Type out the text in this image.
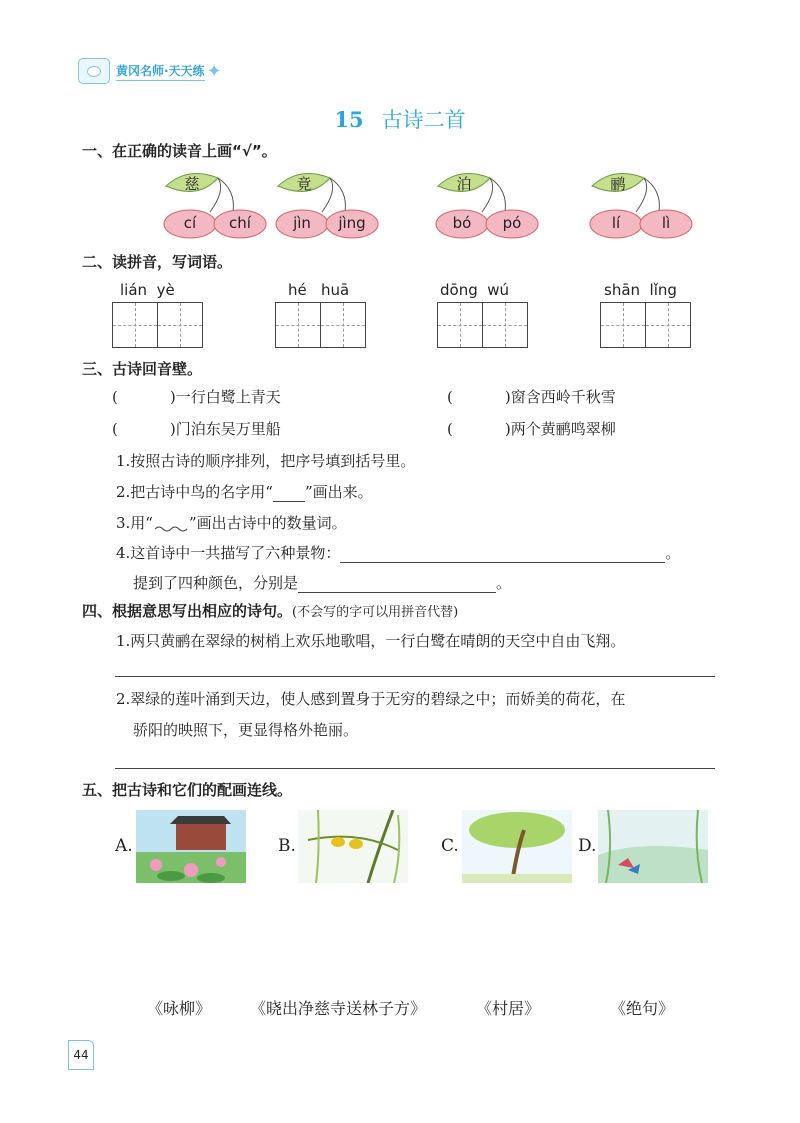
黄冈名师·天天练 ✦
15 古诗二首
一、在正确的读音上画“√”。
慈
cí	chí
竟
jìn	jìng
泊
bó	pó
鹂
lí	lì
二、读拼音，写词语。
lián  yè	hé   huā	dōng  wú	shān  lǐng
三、古诗回音壁。
(	)一行白鹭上青天	(	)窗含西岭千秋雪
(	)门泊东吴万里船	(	)两个黄鹂鸣翠柳
1.按照古诗的顺序排列，把序号填到括号里。
2.把古诗中鸟的名字用“ ”画出来。
3.用“ ”画出古诗中的数量词。
4.这首诗中一共描写了六种景物：	。
提到了四种颜色，分别是	。
四、根据意思写出相应的诗句。(不会写的字可以用拼音代替)
1.两只黄鹂在翠绿的树梢上欢乐地歌唱，一行白鹭在晴朗的天空中自由飞翔。
2.翠绿的莲叶涌到天边，使人感到置身于无穷的碧绿之中；而娇美的荷花，在
骄阳的映照下，更显得格外艳丽。
五、把古诗和它们的配画连线。
A.	B.	C.	D.
《咏柳》 《晓出净慈寺送林子方》	《村居》	《绝句》
44
